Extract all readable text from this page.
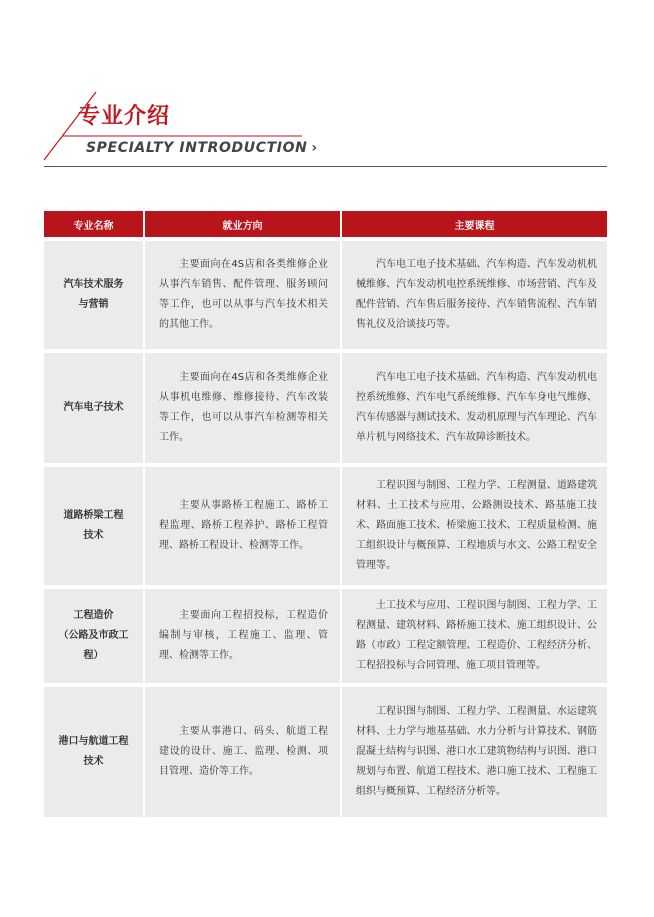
专业介绍
SPECIALTY INTRODUCTION ›
专业名称	就业方向	主要课程

汽车技术服务
与营销	主要面向在4S店和各类维修企业从事汽车销售、配件管理、服务顾问等工作，也可以从事与汽车技术相关的其他工作。	汽车电工电子技术基础、汽车构造、汽车发动机机械维修、汽车发动机电控系统维修、市场营销、汽车及配件营销、汽车售后服务接待、汽车销售流程、汽车销售礼仪及洽谈技巧等。

汽车电子技术	主要面向在4S店和各类维修企业从事机电维修、维修接待、汽车改装等工作，也可以从事汽车检测等相关工作。	汽车电工电子技术基础、汽车构造、汽车发动机电控系统维修、汽车电气系统维修、汽车车身电气维修、汽车传感器与测试技术、发动机原理与汽车理论、汽车单片机与网络技术、汽车故障诊断技术。

道路桥梁工程
技术	主要从事路桥工程施工、路桥工程监理、路桥工程养护、路桥工程管理、路桥工程设计、检测等工作。	工程识图与制图、工程力学、工程测量、道路建筑材料、土工技术与应用、公路测设技术、路基施工技术、路面施工技术、桥梁施工技术、工程质量检测、施工组织设计与概预算、工程地质与水文、公路工程安全管理等。

工程造价
（公路及市政工程）	主要面向工程招投标，工程造价编制与审核，工程施工、监理、管理、检测等工作。	土工技术与应用、工程识图与制图、工程力学、工程测量、建筑材料、路桥施工技术、施工组织设计、公路（市政）工程定额管理、工程造价、工程经济分析、工程招投标与合同管理、施工项目管理等。

港口与航道工程
技术	主要从事港口、码头、航道工程建设的设计、施工、监理、检测、项目管理、造价等工作。	工程识图与制图、工程力学、工程测量、水运建筑材料、土力学与地基基础、水力分析与计算技术、钢筋混凝土结构与识图、港口水工建筑物结构与识图、港口规划与布置、航道工程技术、港口施工技术、工程施工组织与概预算、工程经济分析等。
